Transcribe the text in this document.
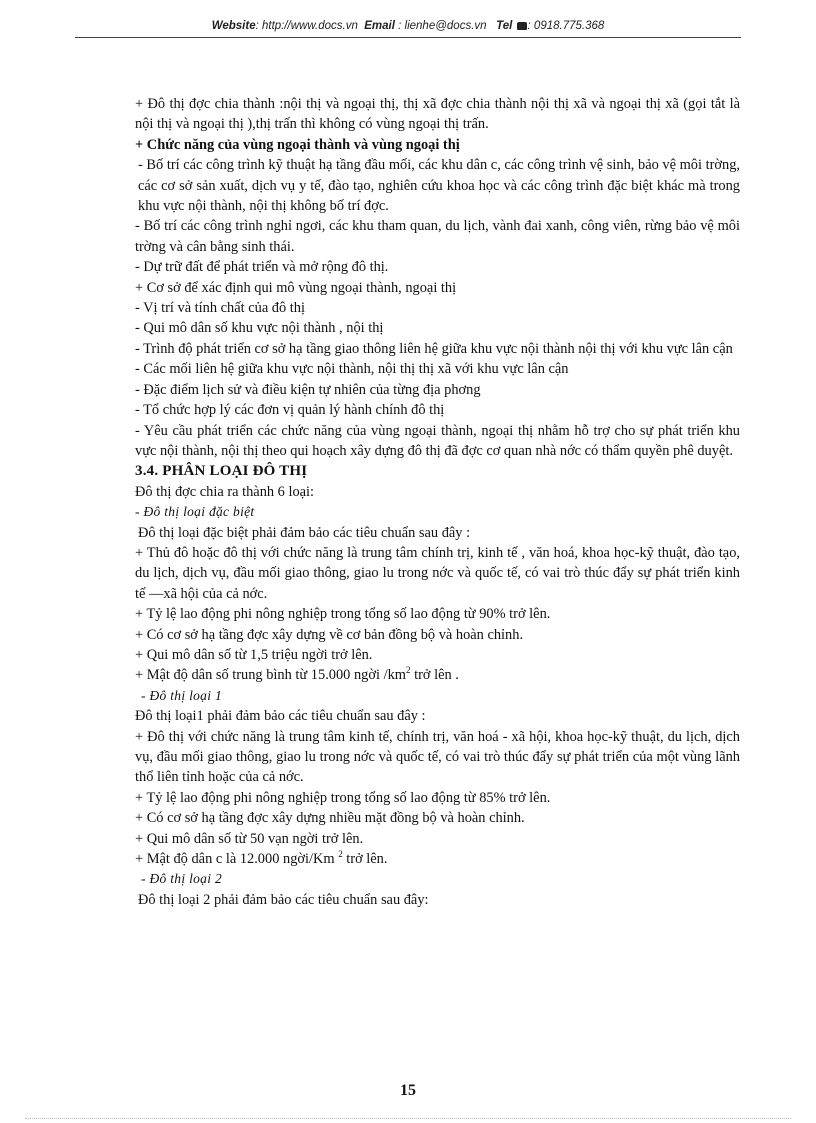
Website: http://www.docs.vn Email : lienhe@docs.vn Tel : 0918.775.368

+ Đô thị đợc chia thành :nội thị và ngoại thị, thị xã đợc chia thành nội thị xã và ngoại thị xã (gọi tắt là nội thị và ngoại thị ),thị trấn thì không có vùng ngoại thị trấn.

+ Chức năng của vùng ngoại thành và vùng ngoại thị

- Bố trí các công trình kỹ thuật hạ tầng đầu mối, các khu dân c, các công trình vệ sinh, bảo vệ môi trờng, các cơ sở sản xuất, dịch vụ y tế, đào tạo, nghiên cứu khoa học và các công trình đặc biệt khác mà trong khu vực nội thành, nội thị không bố trí đợc.

- Bố trí các công trình nghỉ ngơi, các khu tham quan, du lịch, vành đai xanh, công viên, rừng bảo vệ môi trờng và cân bằng sinh thái.

- Dự trữ đất để phát triển và mở rộng đô thị.

+ Cơ sở để xác định qui mô vùng ngoại thành, ngoại thị

- Vị trí và tính chất của đô thị

- Qui mô dân số khu vực nội thành , nội thị

- Trình độ phát triển cơ sở hạ tầng giao thông liên hệ giữa khu vực nội thành nội thị với khu vực lân cận

- Các mối liên hệ giữa khu vực nội thành, nội thị thị xã với khu vực lân cận

- Đặc điểm lịch sử và điều kiện tự nhiên của từng địa phơng

- Tổ chức hợp lý các đơn vị quản lý hành chính đô thị

- Yêu cầu phát triển các chức năng của vùng ngoại thành, ngoại thị nhằm hỗ trợ cho sự phát triển khu vực nội thành, nội thị theo qui hoạch xây dựng đô thị đã đợc cơ quan nhà nớc có thẩm quyền phê duyệt.

3.4. PHÂN LOẠI ĐÔ THỊ

Đô thị đợc chia ra thành 6 loại:

- Đô thị loại đặc biệt

Đô thị loại đặc biệt phải đảm bảo các tiêu chuẩn sau đây :

+ Thủ đô hoặc đô thị với chức năng là trung tâm chính trị, kinh tế , văn hoá, khoa học-kỹ thuật, đào tạo, du lịch, dịch vụ, đầu mối giao thông, giao lu trong nớc và quốc tế, có vai trò thúc đẩy sự phát triển kinh tế —xã hội của cả nớc.

+ Tỷ lệ lao động phi nông nghiệp trong tổng số lao động từ 90% trở lên.

+ Có cơ sở hạ tầng đợc xây dựng về cơ bản đồng bộ và hoàn chỉnh.

+ Qui mô dân số từ 1,5 triệu ngời trở lên.

+ Mật độ dân số trung bình từ 15.000 ngời $/km^2$ trở lên .

- Đô thị loại 1

Đô thị loại1 phải đảm bảo các tiêu chuẩn sau đây :

+ Đô thị với chức năng là trung tâm kinh tế, chính trị, văn hoá - xã hội, khoa học-kỹ thuật, du lịch, dịch vụ, đầu mối giao thông, giao lu trong nớc và quốc tế, có vai trò thúc đẩy sự phát triển của một vùng lãnh thổ liên tỉnh hoặc của cả nớc.

+ Tỷ lệ lao động phi nông nghiệp trong tổng số lao động từ 85% trở lên.

+ Có cơ sở hạ tầng đợc xây dựng nhiều mặt đồng bộ và hoàn chỉnh.

+ Qui mô dân số từ 50 vạn ngời trở lên.

+ Mật độ dân c là 12.000 ngời/Km $^2$ trở lên.

- Đô thị loại 2

Đô thị loại 2 phải đảm bảo các tiêu chuẩn sau đây:

15
